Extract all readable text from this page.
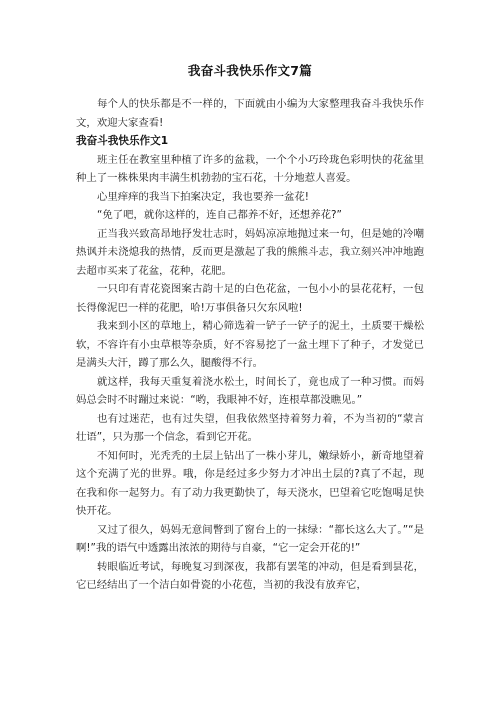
我奋斗我快乐作文7篇

每个人的快乐都是不一样的，下面就由小编为大家整理我奋斗我快乐作文，欢迎大家查看!

我奋斗我快乐作文1

班主任在教室里种植了许多的盆栽，一个个小巧玲珑色彩明快的花盆里种上了一株株果肉丰满生机勃勃的宝石花，十分地惹人喜爱。

心里痒痒的我当下拍案决定，我也要养一盆花!

“免了吧，就你这样的，连自己都养不好，还想养花?”

正当我兴致高昂地抒发壮志时，妈妈凉凉地抛过来一句，但是她的冷嘲热讽并未浇熄我的热情，反而更是激起了我的熊熊斗志，我立刻兴冲冲地跑去超市买来了花盆，花种，花肥。

一只印有青花瓷图案古韵十足的白色花盆，一包小小的昙花花籽，一包长得像泥巴一样的花肥，哈!万事俱备只欠东风啦!

我来到小区的草地上，精心筛选着一铲子一铲子的泥土，土质要干燥松软，不容许有小虫草根等杂质，好不容易挖了一盆土埋下了种子，才发觉已是满头大汗，蹲了那么久，腿酸得不行。

就这样，我每天重复着浇水松土，时间长了，竟也成了一种习惯。而妈妈总会时不时蹦过来说：“哟，我眼神不好，连根草都没瞧见。”

也有过迷茫，也有过失望，但我依然坚持着努力着，不为当初的“蒙言壮语”，只为那一个信念，看到它开花。

不知何时，光秃秃的土层上钻出了一株小芽儿，嫩绿娇小，新奇地望着这个充满了光的世界。哦，你是经过多少努力才冲出土层的?真了不起，现在我和你一起努力。有了动力我更勤快了，每天浇水，巴望着它吃饱喝足快快开花。

又过了很久，妈妈无意间瞥到了窗台上的一抹绿：“都长这么大了。”“是啊!”我的语气中透露出浓浓的期待与自豪，“它一定会开花的!”

转眼临近考试，每晚复习到深夜，我都有罢笔的冲动，但是看到昙花，它已经结出了一个洁白如骨瓷的小花苞，当初的我没有放弃它，
